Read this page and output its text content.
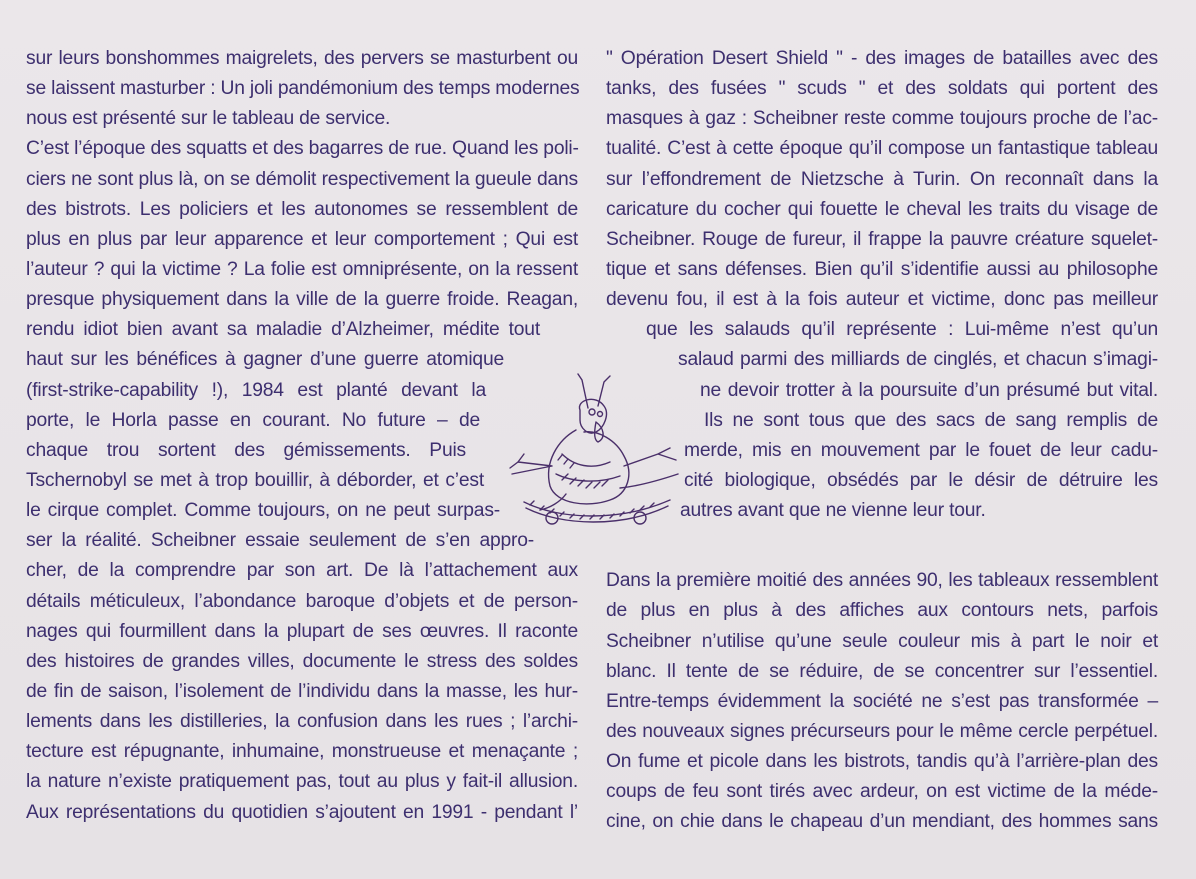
sur leurs bonshommes maigrelets, des pervers se masturbent ou
se laissent masturber : Un joli pandémonium des temps modernes
nous est présenté sur le tableau de service.
C’est l’époque des squatts et des bagarres de rue. Quand les poli-
ciers ne sont plus là, on se démolit respectivement la gueule dans
des bistrots. Les policiers et les autonomes se ressemblent de
plus en plus par leur apparence et leur comportement ; Qui est
l’auteur ? qui la victime ? La folie est omniprésente, on la ressent
presque physiquement dans la ville de la guerre froide. Reagan,
rendu idiot bien avant sa maladie d’Alzheimer, médite tout
haut sur les bénéfices à gagner d’une guerre atomique
(first-strike-capability !), 1984 est planté devant la
porte, le Horla passe en courant. No future – de
chaque trou sortent des gémissements. Puis
Tschernobyl se met à trop bouillir, à déborder, et c’est
le cirque complet. Comme toujours, on ne peut surpas-
ser la réalité. Scheibner essaie seulement de s’en appro-
cher, de la comprendre par son art. De là l’attachement aux
détails méticuleux, l’abondance baroque d’objets et de person-
nages qui fourmillent dans la plupart de ses œuvres. Il raconte
des histoires de grandes villes, documente le stress des soldes
de fin de saison, l’isolement de l’individu dans la masse, les hur-
lements dans les distilleries, la confusion dans les rues ; l’archi-
tecture est répugnante, inhumaine, monstrueuse et menaçante ;
la nature n’existe pratiquement pas, tout au plus y fait-il allusion.
Aux représentations du quotidien s’ajoutent en 1991 - pendant l’
" Opération Desert Shield " - des images de batailles avec des
tanks, des fusées " scuds " et des soldats qui portent des
masques à gaz : Scheibner reste comme toujours proche de l’ac-
tualité. C’est à cette époque qu’il compose un fantastique tableau
sur l’effondrement de Nietzsche à Turin. On reconnaît dans la
caricature du cocher qui fouette le cheval les traits du visage de
Scheibner. Rouge de fureur, il frappe la pauvre créature squelet-
tique et sans défenses. Bien qu’il s’identifie aussi au philosophe
devenu fou, il est à la fois auteur et victime, donc pas meilleur
que les salauds qu’il représente : Lui-même n’est qu’un
salaud parmi des milliards de cinglés, et chacun s’imagi-
ne devoir trotter à la poursuite d’un présumé but vital.
Ils ne sont tous que des sacs de sang remplis de
merde, mis en mouvement par le fouet de leur cadu-
cité biologique, obsédés par le désir de détruire les
autres avant que ne vienne leur tour.
Dans la première moitié des années 90, les tableaux ressemblent
de plus en plus à des affiches aux contours nets, parfois
Scheibner n’utilise qu’une seule couleur mis à part le noir et
blanc. Il tente de se réduire, de se concentrer sur l’essentiel.
Entre-temps évidemment la société ne s’est pas transformée –
des nouveaux signes précurseurs pour le même cercle perpétuel.
On fume et picole dans les bistrots, tandis qu’à l’arrière-plan des
coups de feu sont tirés avec ardeur, on est victime de la méde-
cine, on chie dans le chapeau d’un mendiant, des hommes sans
